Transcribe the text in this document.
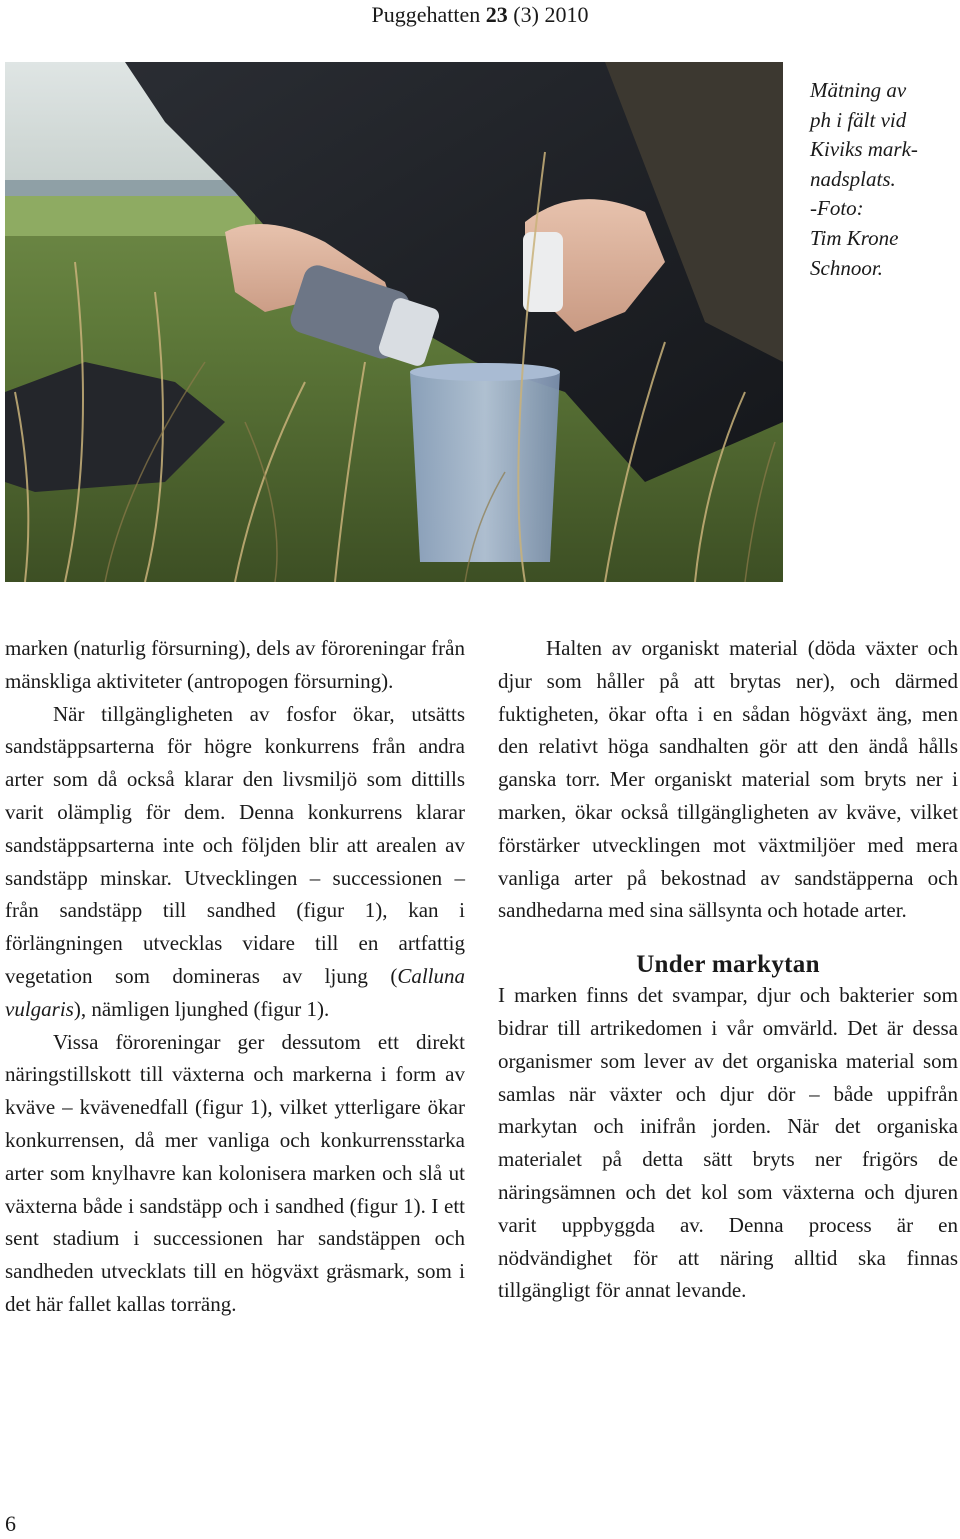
Puggehatten 23 (3) 2010
Mätning av
ph i fält vid
Kiviks mark-
nadsplats.
-Foto:
Tim Krone
Schnoor.

marken (naturlig försurning), dels av föroreningar från mänskliga aktiviteter (antropogen försurning).

När tillgängligheten av fosfor ökar, utsätts sandstäppsarterna för högre konkurrens från andra arter som då också klarar den livsmiljö som dittills varit olämplig för dem. Denna konkurrens klarar sandstäppsarterna inte och följden blir att arealen av sandstäpp minskar. Utvecklingen – successionen – från sandstäpp till sandhed (figur 1), kan i förlängningen utvecklas vidare till en artfattig vegetation som domineras av ljung (Calluna vulgaris), nämligen ljunghed (figur 1).

Vissa föroreningar ger dessutom ett direkt näringstillskott till växterna och markerna i form av kväve – kvävenedfall (figur 1), vilket ytterligare ökar konkurrensen, då mer vanliga och konkurrensstarka arter som knylhavre kan kolonisera marken och slå ut växterna både i sandstäpp och i sandhed (figur 1). I ett sent stadium i successionen har sandstäppen och sandheden utvecklats till en högväxt gräsmark, som i det här fallet kallas torräng.

Halten av organiskt material (döda växter och djur som håller på att brytas ner), och därmed fuktigheten, ökar ofta i en sådan högväxt äng, men den relativt höga sandhalten gör att den ändå hålls ganska torr. Mer organiskt material som bryts ner i marken, ökar också tillgängligheten av kväve, vilket förstärker utvecklingen mot växtmiljöer med mera vanliga arter på bekostnad av sandstäpperna och sandhedarna med sina sällsynta och hotade arter.

Under markytan

I marken finns det svampar, djur och bakterier som bidrar till artrikedomen i vår omvärld. Det är dessa organismer som lever av det organiska material som samlas när växter och djur dör – både uppifrån markytan och inifrån jorden. När det organiska materialet på detta sätt bryts ner frigörs de näringsämnen och det kol som växterna och djuren varit uppbyggda av. Denna process är en nödvändighet för att näring alltid ska finnas tillgängligt för annat levande.

6
